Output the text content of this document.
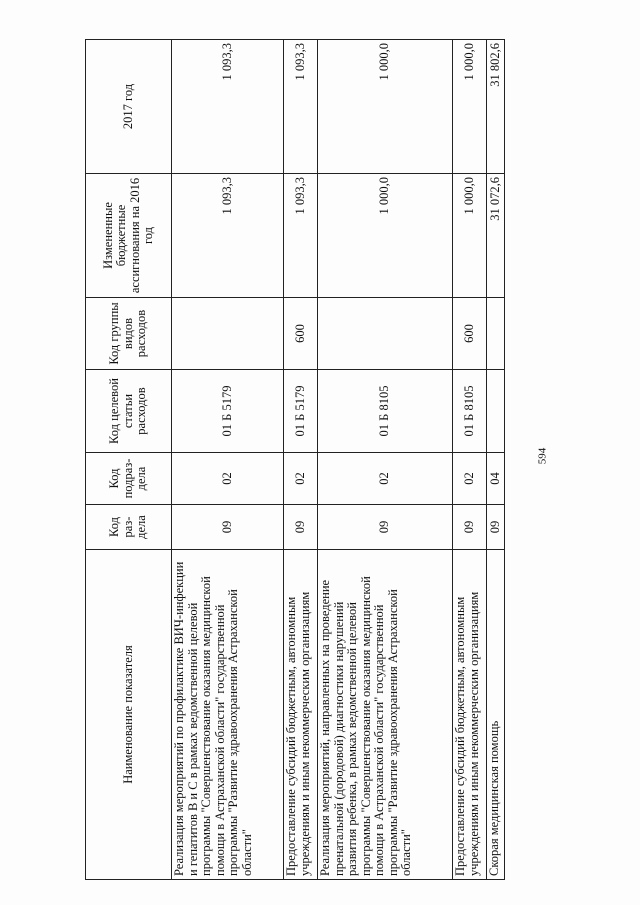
594
Наименование показателя	Код раз-дела	Код подраз-дела	Код целевой статьи расходов	Код группы видов расходов	Измененные бюджетные ассигнования на 2016 год	2017 год
Реализация мероприятий по профилактике ВИЧ-инфекции и гепатитов В и С в рамках ведомственной целевой программы "Совершенствование оказания медицинской помощи в Астраханской области" государственной программы "Развитие здравоохранения Астраханской области"	09	02	01 Б 5179		1 093,3	1 093,3
Предоставление субсидий бюджетным, автономным учреждениям и иным некоммерческим организациям	09	02	01 Б 5179	600	1 093,3	1 093,3
Реализация мероприятий, направленных на проведение пренатальной (дородовой) диагностики нарушений развития ребенка, в рамках ведомственной целевой программы "Совершенствование оказания медицинской помощи в Астраханской области" государственной программы "Развитие здравоохранения Астраханской области"	09	02	01 Б 8105		1 000,0	1 000,0
Предоставление субсидий бюджетным, автономным учреждениям и иным некоммерческим организациям	09	02	01 Б 8105	600	1 000,0	1 000,0
Скорая медицинская помощь	09	04			31 072,6	31 802,6
